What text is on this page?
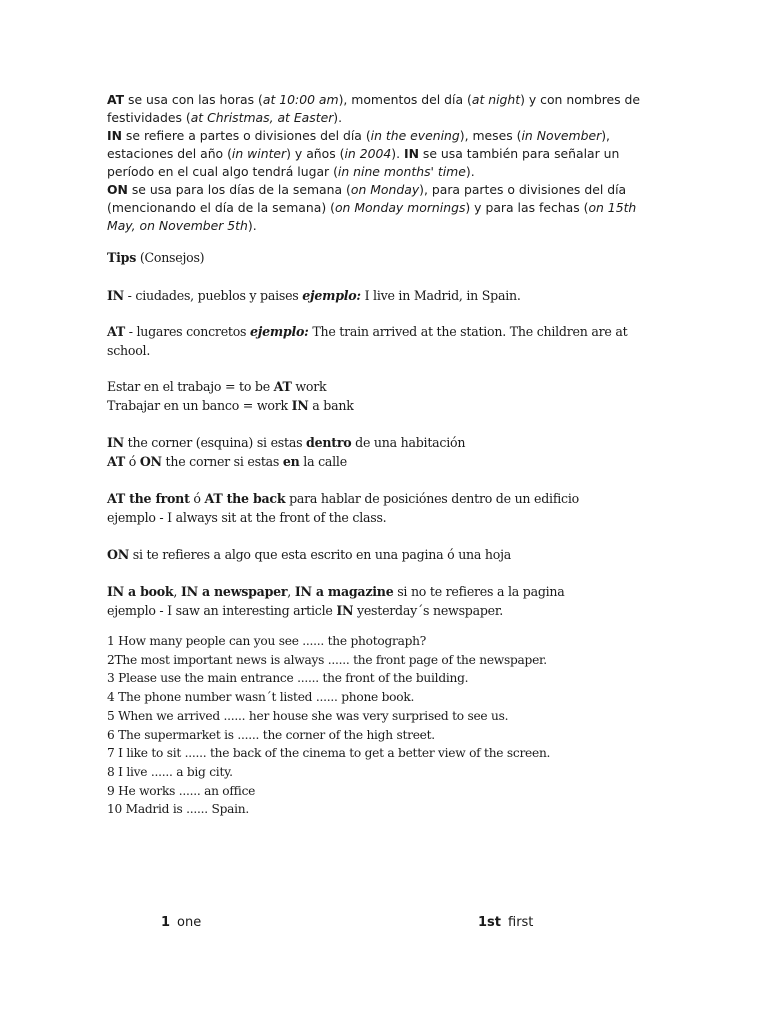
AT se usa con las horas (at 10:00 am), momentos del día (at night) y con nombres de
festividades (at Christmas, at Easter).
IN se refiere a partes o divisiones del día (in the evening), meses (in November),
estaciones del año (in winter) y años (in 2004). IN se usa también para señalar un
período en el cual algo tendrá lugar (in nine months' time).
ON se usa para los días de la semana (on Monday), para partes o divisiones del día
(mencionando el día de la semana) (on Monday mornings) y para las fechas (on 15th
May, on November 5th).
Tips (Consejos)
IN - ciudades, pueblos y paises ejemplo: I live in Madrid, in Spain.
AT - lugares concretos ejemplo: The train arrived at the station. The children are at
school.
Estar en el trabajo = to be AT work
Trabajar en un banco = work IN a bank
IN the corner (esquina) si estas dentro de una habitación
AT ó ON the corner si estas en la calle
AT the front ó AT the back para hablar de posiciónes dentro de un edificio
ejemplo - I always sit at the front of the class.
ON si te refieres a algo que esta escrito en una pagina ó una hoja
IN a book, IN a newspaper, IN a magazine si no te refieres a la pagina
ejemplo - I saw an interesting article IN yesterday´s newspaper.
1 How many people can you see ...... the photograph?
2The most important news is always ...... the front page of the newspaper.
3 Please use the main entrance ...... the front of the building.
4 The phone number wasn´t listed ...... phone book.
5 When we arrived ...... her house she was very surprised to see us.
6 The supermarket is ...... the corner of the high street.
7 I like to sit ...... the back of the cinema to get a better view of the screen.
8 I live ...... a big city.
9 He works ...... an office
10 Madrid is ...... Spain.
1 one	1st first
